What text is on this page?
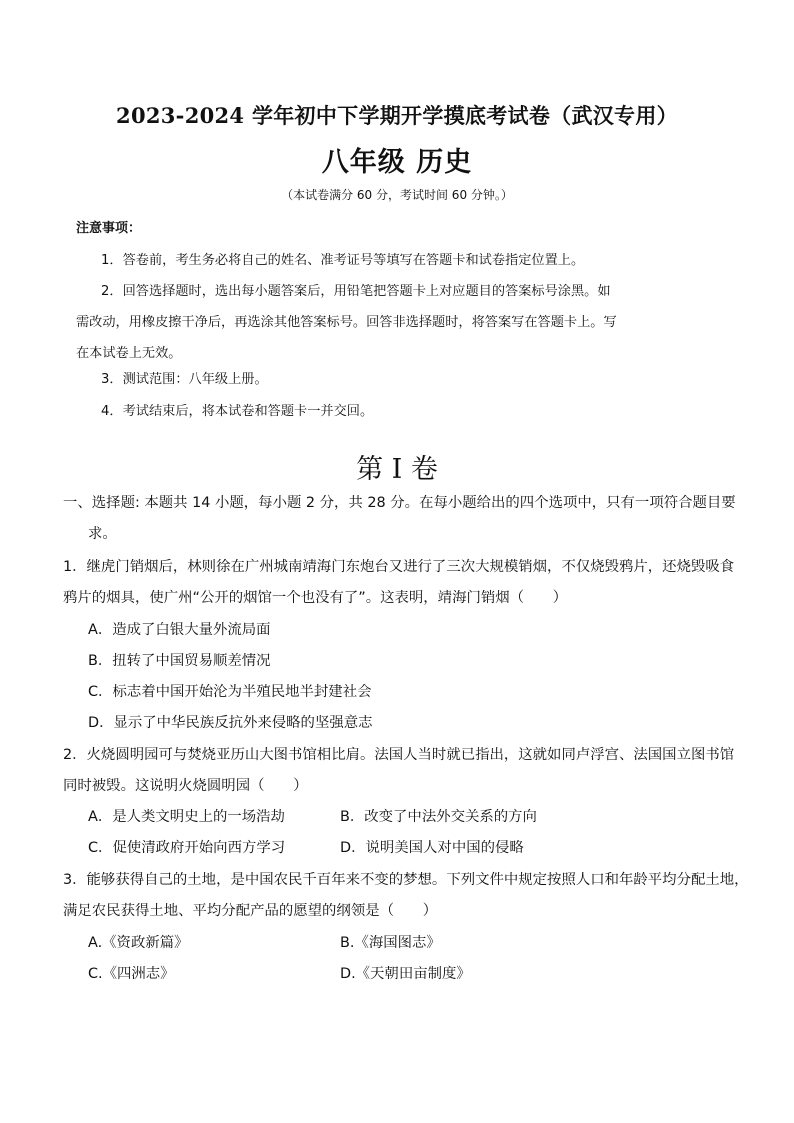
2023-2024 学年初中下学期开学摸底考试卷（武汉专用）
八年级 历史
（本试卷满分 60 分，考试时间 60 分钟。）
注意事项：
1．答卷前，考生务必将自己的姓名、准考证号等填写在答题卡和试卷指定位置上。
2．回答选择题时，选出每小题答案后，用铅笔把答题卡上对应题目的答案标号涂黑。如
需改动，用橡皮擦干净后，再选涂其他答案标号。回答非选择题时，将答案写在答题卡上。写
在本试卷上无效。
3．测试范围：八年级上册。
4．考试结束后，将本试卷和答题卡一并交回。
第 I 卷
一、选择题: 本题共 14 小题，每小题 2 分，共 28 分。在每小题给出的四个选项中，只有一项符合题目要
求。
1．继虎门销烟后，林则徐在广州城南靖海门东炮台又进行了三次大规模销烟，不仅烧毁鸦片，还烧毁吸食
鸦片的烟具，使广州“公开的烟馆一个也没有了”。这表明，靖海门销烟（　　）
A．造成了白银大量外流局面
B．扭转了中国贸易顺差情况
C．标志着中国开始沦为半殖民地半封建社会
D．显示了中华民族反抗外来侵略的坚强意志
2．火烧圆明园可与焚烧亚历山大图书馆相比肩。法国人当时就已指出，这就如同卢浮宫、法国国立图书馆
同时被毁。这说明火烧圆明园（　　）
A．是人类文明史上的一场浩劫	B．改变了中法外交关系的方向
C．促使清政府开始向西方学习	D．说明美国人对中国的侵略
3．能够获得自己的土地，是中国农民千百年来不变的梦想。下列文件中规定按照人口和年龄平均分配土地，
满足农民获得土地、平均分配产品的愿望的纲领是（　　）
A.《资政新篇》	B.《海国图志》
C.《四洲志》	D.《天朝田亩制度》
